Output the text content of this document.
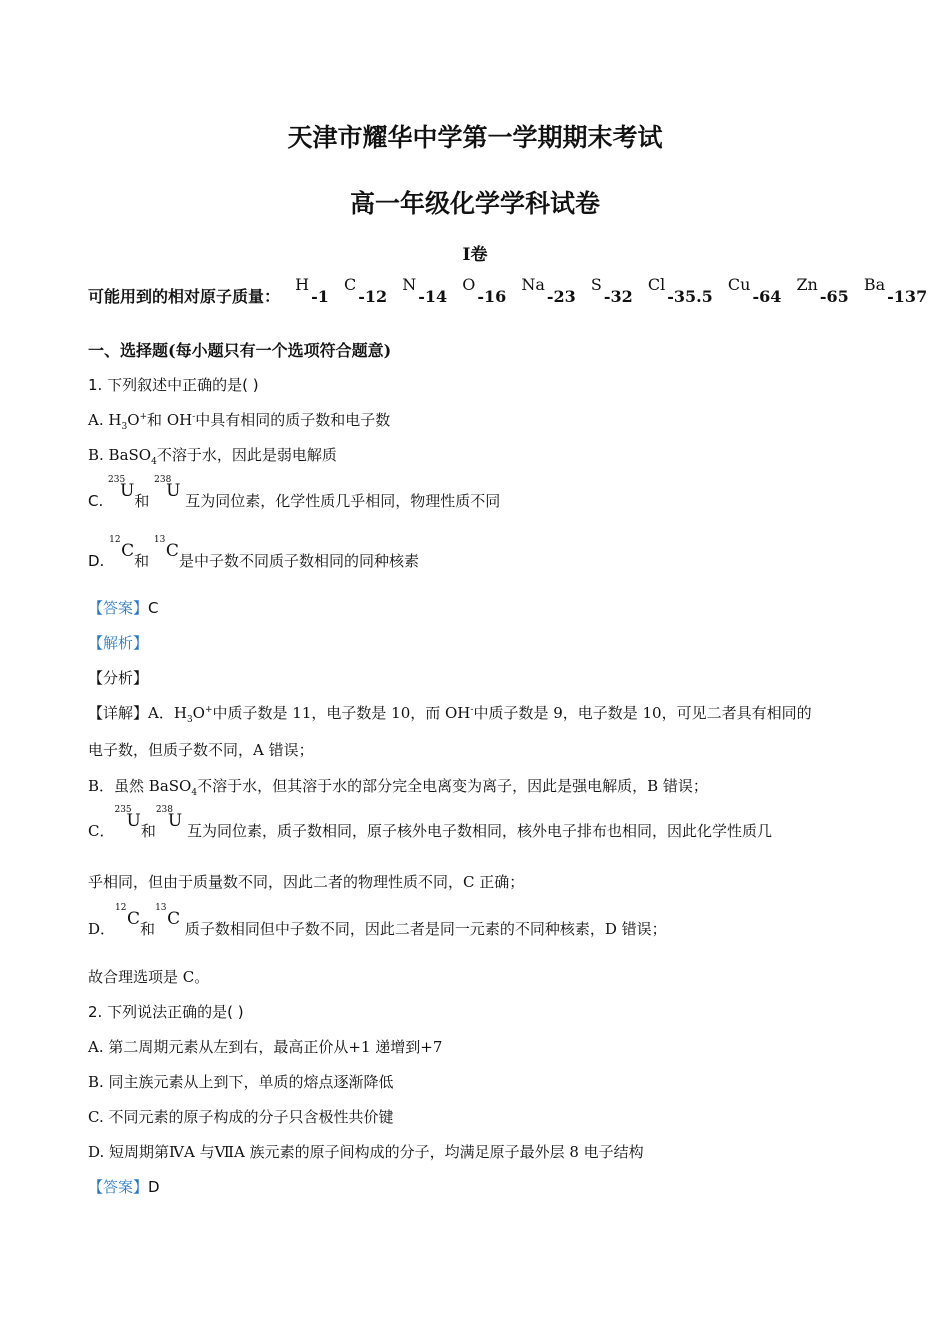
天津市耀华中学第一学期期末考试
高一年级化学学科试卷
I卷
可能用到的相对原子质量： H-1 C-12 N-14 O-16 Na-23 S-32 Cl-35.5 Cu-64 Zn-65 Ba-137
一、选择题(每小题只有一个选项符合题意)
1. 下列叙述中正确的是( )
A. $H_3O^+$和 OH-中具有相同的质子数和电子数
B. BaSO$_4$不溶于水，因此是弱电解质
C.
235
U和
238
U 互为同位素，化学性质几乎相同，物理性质不同
D.
12
C和
13
C是中子数不同质子数相同的同种核素
【答案】C
【解析】
【分析】
【详解】A．$H_3O^+$中质子数是 11，电子数是 10，而 OH-中质子数是 9，电子数是 10，可见二者具有相同的
电子数，但质子数不同，A 错误；
B．虽然 BaSO$_4$不溶于水，但其溶于水的部分完全电离变为离子，因此是强电解质，B 错误；
C．
235
U和
238
U 互为同位素，质子数相同，原子核外电子数相同，核外电子排布也相同，因此化学性质几
乎相同，但由于质量数不同，因此二者的物理性质不同，C 正确；
D．
12
C和
13
C 质子数相同但中子数不同，因此二者是同一元素的不同种核素，D 错误；
故合理选项是 C。
2. 下列说法正确的是( )
A. 第二周期元素从左到右，最高正价从+1 递增到+7
B. 同主族元素从上到下，单质的熔点逐渐降低
C. 不同元素的原子构成的分子只含极性共价键
D. 短周期第ⅣA 与ⅦA 族元素的原子间构成的分子，均满足原子最外层 8 电子结构
【答案】D
